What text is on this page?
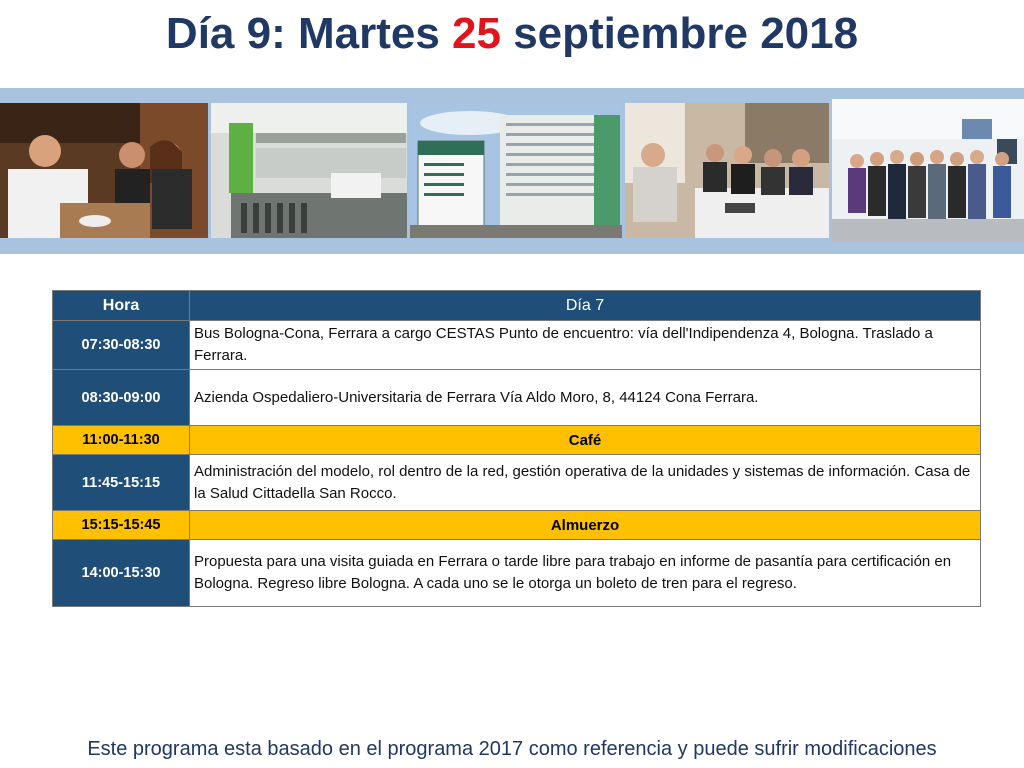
Día 9: Martes 25 septiembre 2018
Hora	Día 7
07:30-08:30	Bus Bologna-Cona, Ferrara a cargo CESTAS Punto de encuentro: vía dell'Indipendenza 4, Bologna. Traslado a Ferrara.
08:30-09:00	Azienda Ospedaliero-Universitaria de Ferrara Vía Aldo Moro, 8, 44124 Cona Ferrara.
11:00-11:30	Café
11:45-15:15	Administración del modelo, rol dentro de la red, gestión operativa de la unidades y sistemas de información. Casa de la Salud Cittadella San Rocco.
15:15-15:45	Almuerzo
14:00-15:30	Propuesta para una visita guiada en Ferrara o tarde libre para trabajo en informe de pasantía para certificación en Bologna. Regreso libre Bologna. A cada uno se le otorga un boleto de tren para el regreso.
Este programa esta basado en el programa 2017 como referencia y puede sufrir modificaciones
